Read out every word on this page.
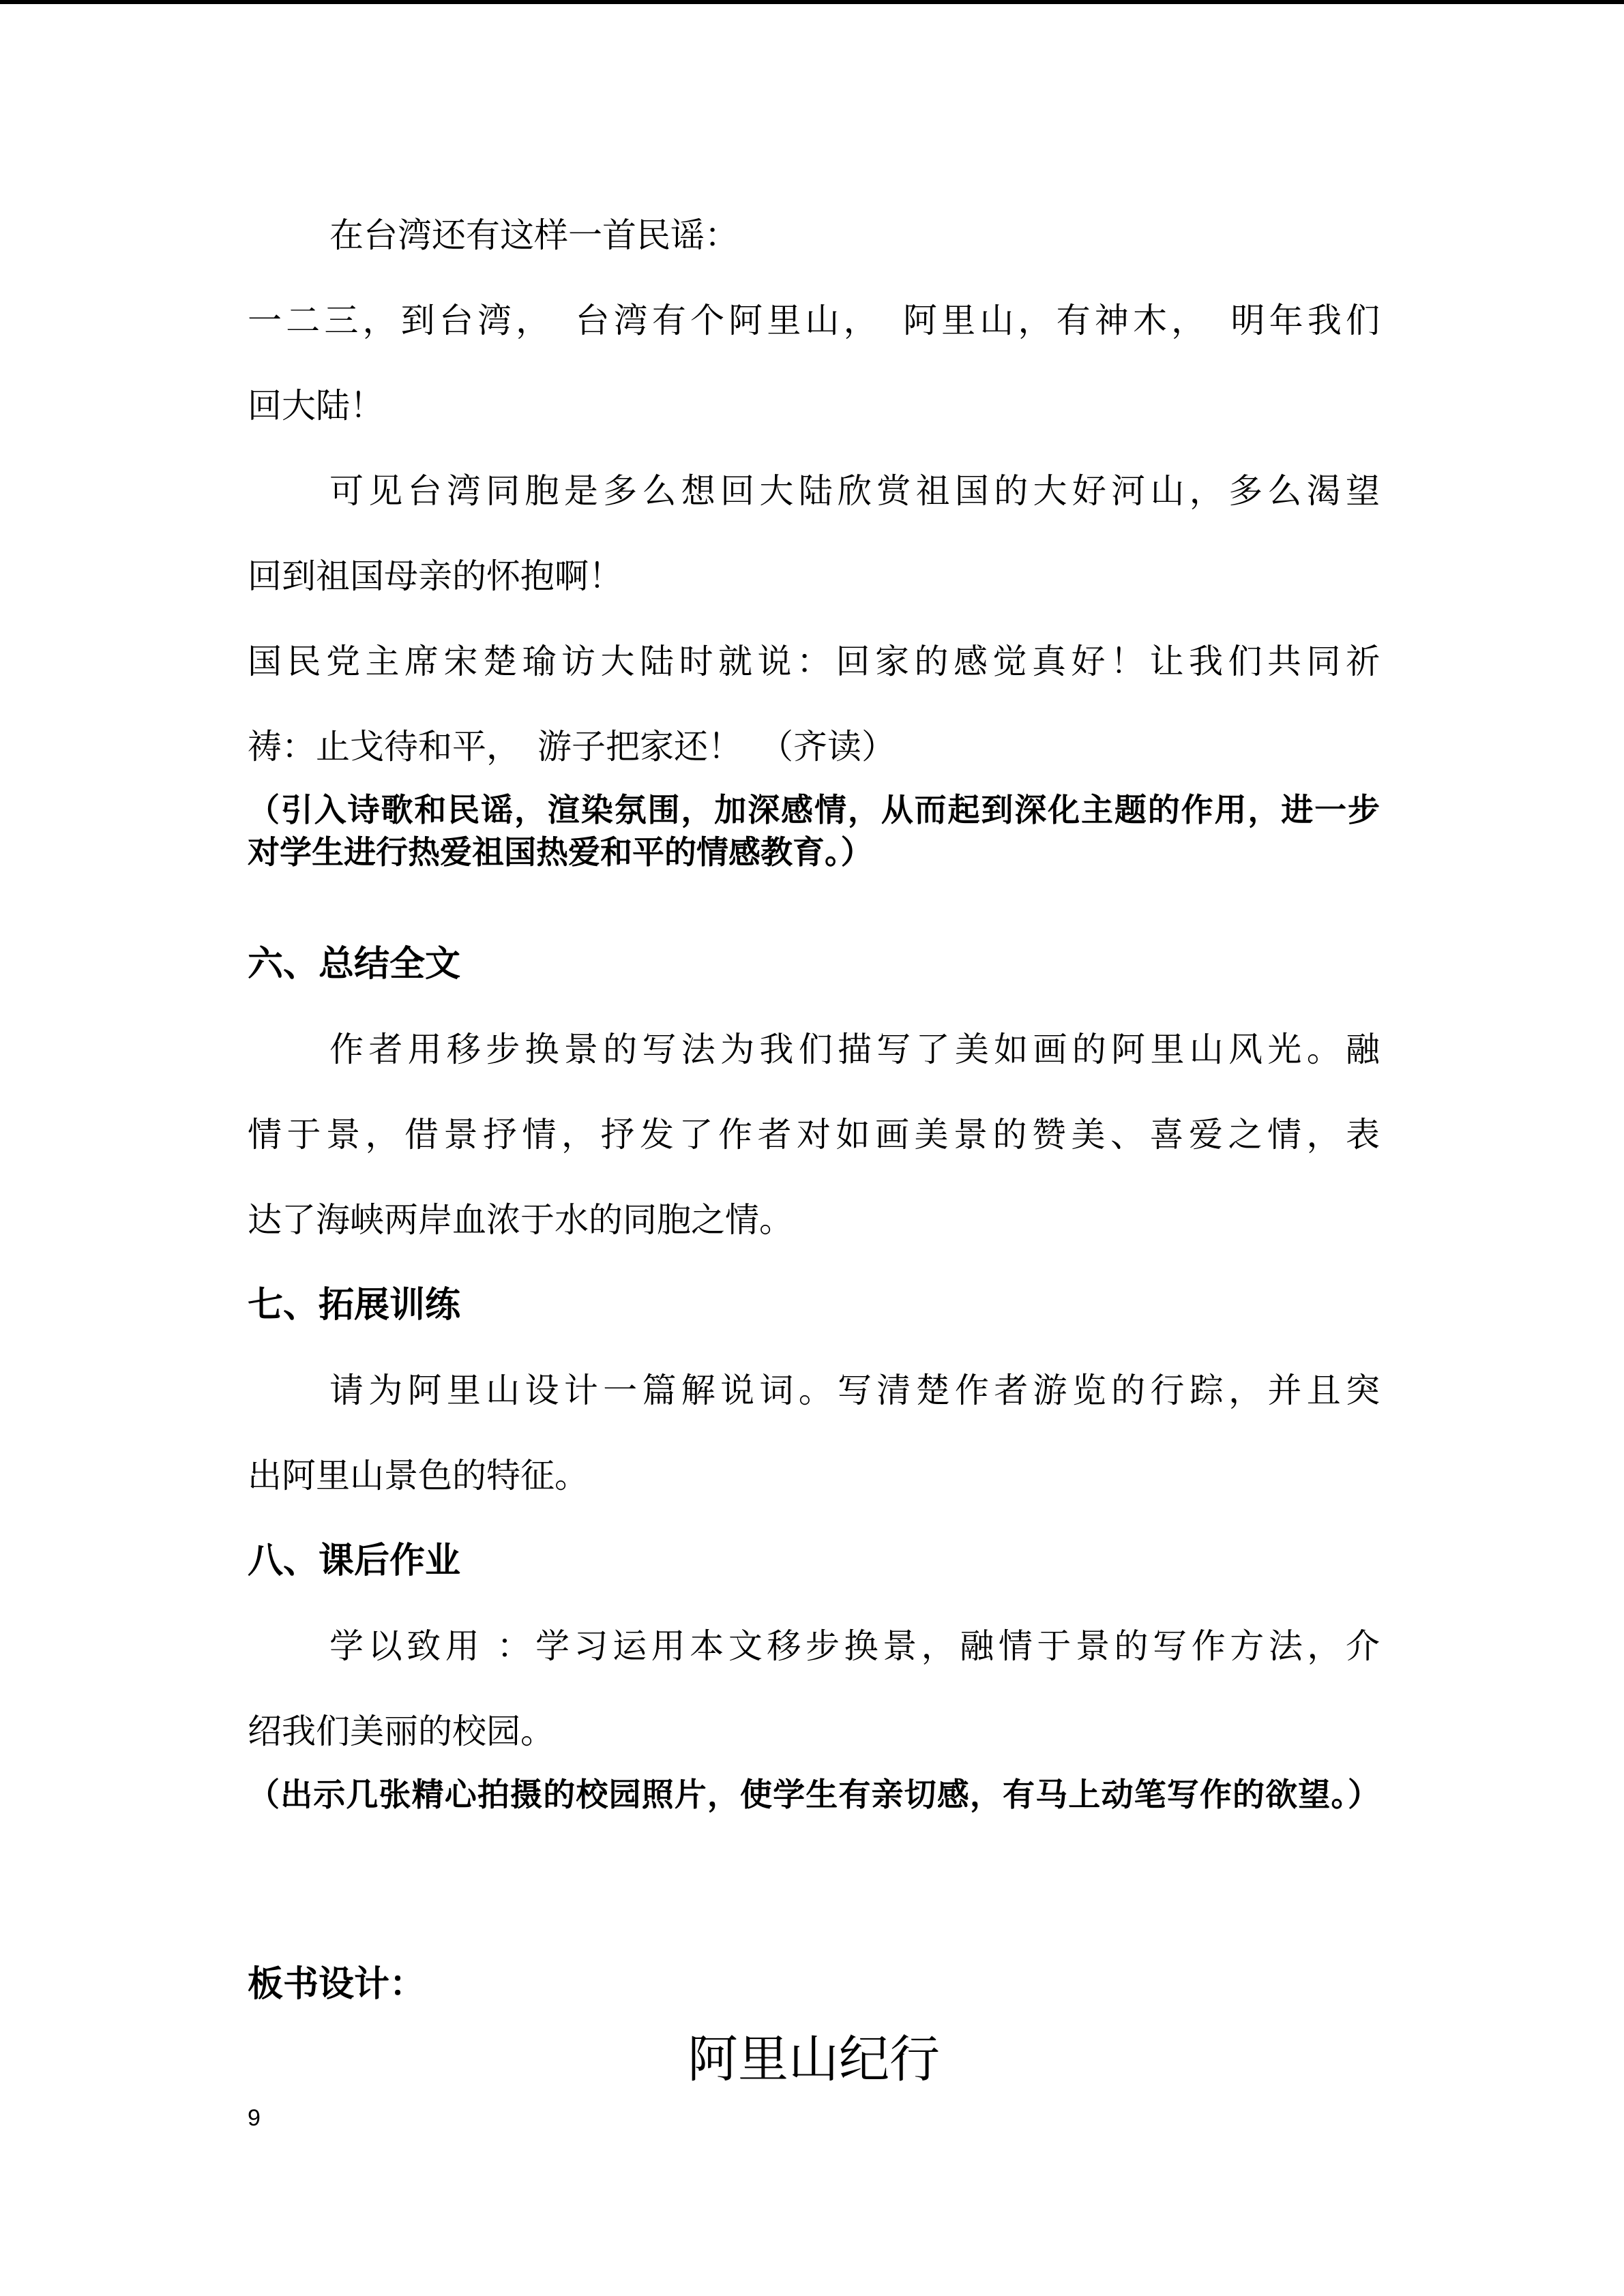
在台湾还有这样一首民谣：
一二三，到台湾，　台湾有个阿里山，　阿里山，有神木，　明年我们
回大陆！
可见台湾同胞是多么想回大陆欣赏祖国的大好河山，多么渴望
回到祖国母亲的怀抱啊！
国民党主席宋楚瑜访大陆时就说：回家的感觉真好！让我们共同祈
祷：止戈待和平，　游子把家还！　（齐读）
（引入诗歌和民谣，渲染氛围，加深感情，从而起到深化主题的作用，进一步
对学生进行热爱祖国热爱和平的情感教育。）
六、总结全文
作者用移步换景的写法为我们描写了美如画的阿里山风光。融
情于景，借景抒情，抒发了作者对如画美景的赞美、喜爱之情，表
达了海峡两岸血浓于水的同胞之情。
七、拓展训练
请为阿里山设计一篇解说词。写清楚作者游览的行踪，并且突
出阿里山景色的特征。
八、课后作业
学以致用 ：学习运用本文移步换景，融情于景的写作方法，介
绍我们美丽的校园。
（出示几张精心拍摄的校园照片，使学生有亲切感，有马上动笔写作的欲望。）
板书设计：
阿里山纪行
9
